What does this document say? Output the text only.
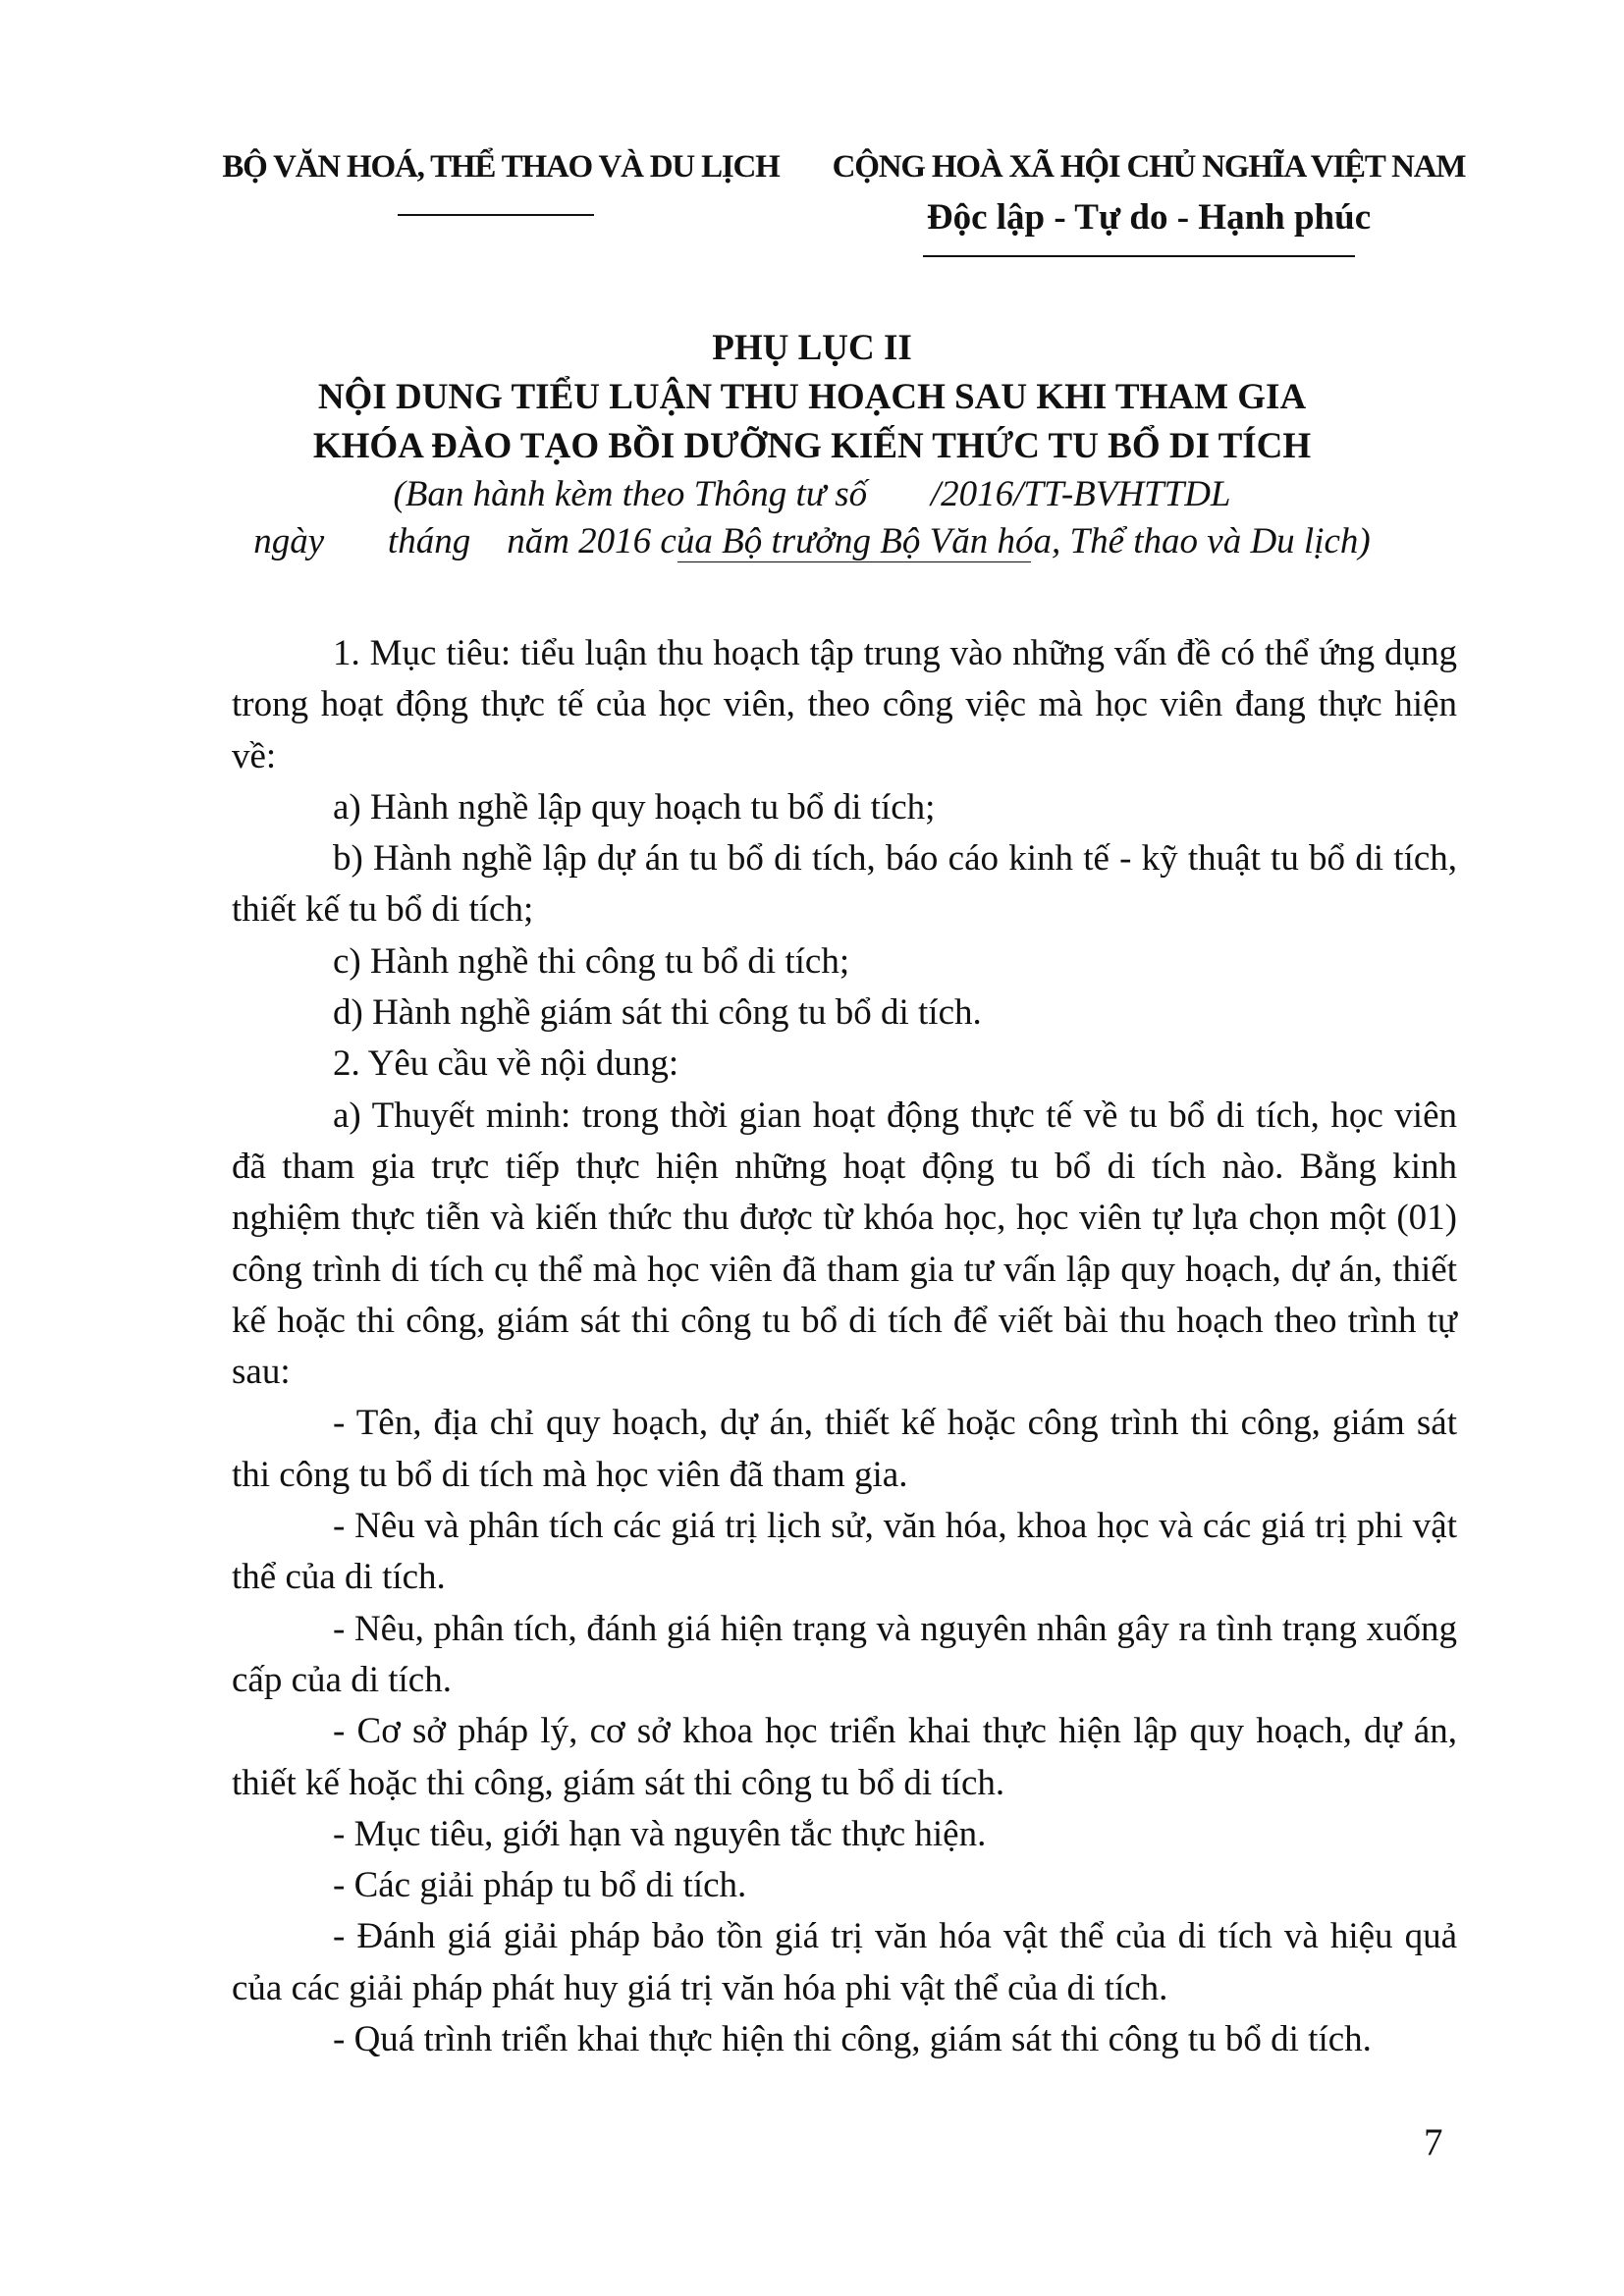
BỘ VĂN HOÁ, THỂ THAO VÀ DU LỊCH	CỘNG HOÀ XÃ HỘI CHỦ NGHĨA VIỆT NAM
Độc lập - Tự do - Hạnh phúc
PHỤ LỤC II
NỘI DUNG TIỂU LUẬN THU HOẠCH SAU KHI THAM GIA
KHÓA ĐÀO TẠO BỒI DƯỠNG KIẾN THỨC TU BỔ DI TÍCH
(Ban hành kèm theo Thông tư số       /2016/TT-BVHTTDL
ngày       tháng    năm 2016 của Bộ trưởng Bộ Văn hóa, Thể thao và Du lịch)

1. Mục tiêu: tiểu luận thu hoạch tập trung vào những vấn đề có thể ứng dụng trong hoạt động thực tế của học viên, theo công việc mà học viên đang thực hiện về:

a) Hành nghề lập quy hoạch tu bổ di tích;

b) Hành nghề lập dự án tu bổ di tích, báo cáo kinh tế - kỹ thuật tu bổ di tích, thiết kế tu bổ di tích;

c) Hành nghề thi công tu bổ di tích;

d) Hành nghề giám sát thi công tu bổ di tích.

2. Yêu cầu về nội dung:

a) Thuyết minh: trong thời gian hoạt động thực tế về tu bổ di tích, học viên đã tham gia trực tiếp thực hiện những hoạt động tu bổ di tích nào. Bằng kinh nghiệm thực tiễn và kiến thức thu được từ khóa học, học viên tự lựa chọn một (01) công trình di tích cụ thể mà học viên đã tham gia tư vấn lập quy hoạch, dự án, thiết kế hoặc thi công, giám sát thi công tu bổ di tích để viết bài thu hoạch theo trình tự sau:

- Tên, địa chỉ quy hoạch, dự án, thiết kế hoặc công trình thi công, giám sát thi công tu bổ di tích mà học viên đã tham gia.

- Nêu và phân tích các giá trị lịch sử, văn hóa, khoa học và các giá trị phi vật thể của di tích.

- Nêu, phân tích, đánh giá hiện trạng và nguyên nhân gây ra tình trạng xuống cấp của di tích.

- Cơ sở pháp lý, cơ sở khoa học triển khai thực hiện lập quy hoạch, dự án, thiết kế hoặc thi công, giám sát thi công tu bổ di tích.

- Mục tiêu, giới hạn và nguyên tắc thực hiện.

- Các giải pháp tu bổ di tích.

- Đánh giá giải pháp bảo tồn giá trị văn hóa vật thể của di tích và hiệu quả của các giải pháp phát huy giá trị văn hóa phi vật thể của di tích.

- Quá trình triển khai thực hiện thi công, giám sát thi công tu bổ di tích.

7
